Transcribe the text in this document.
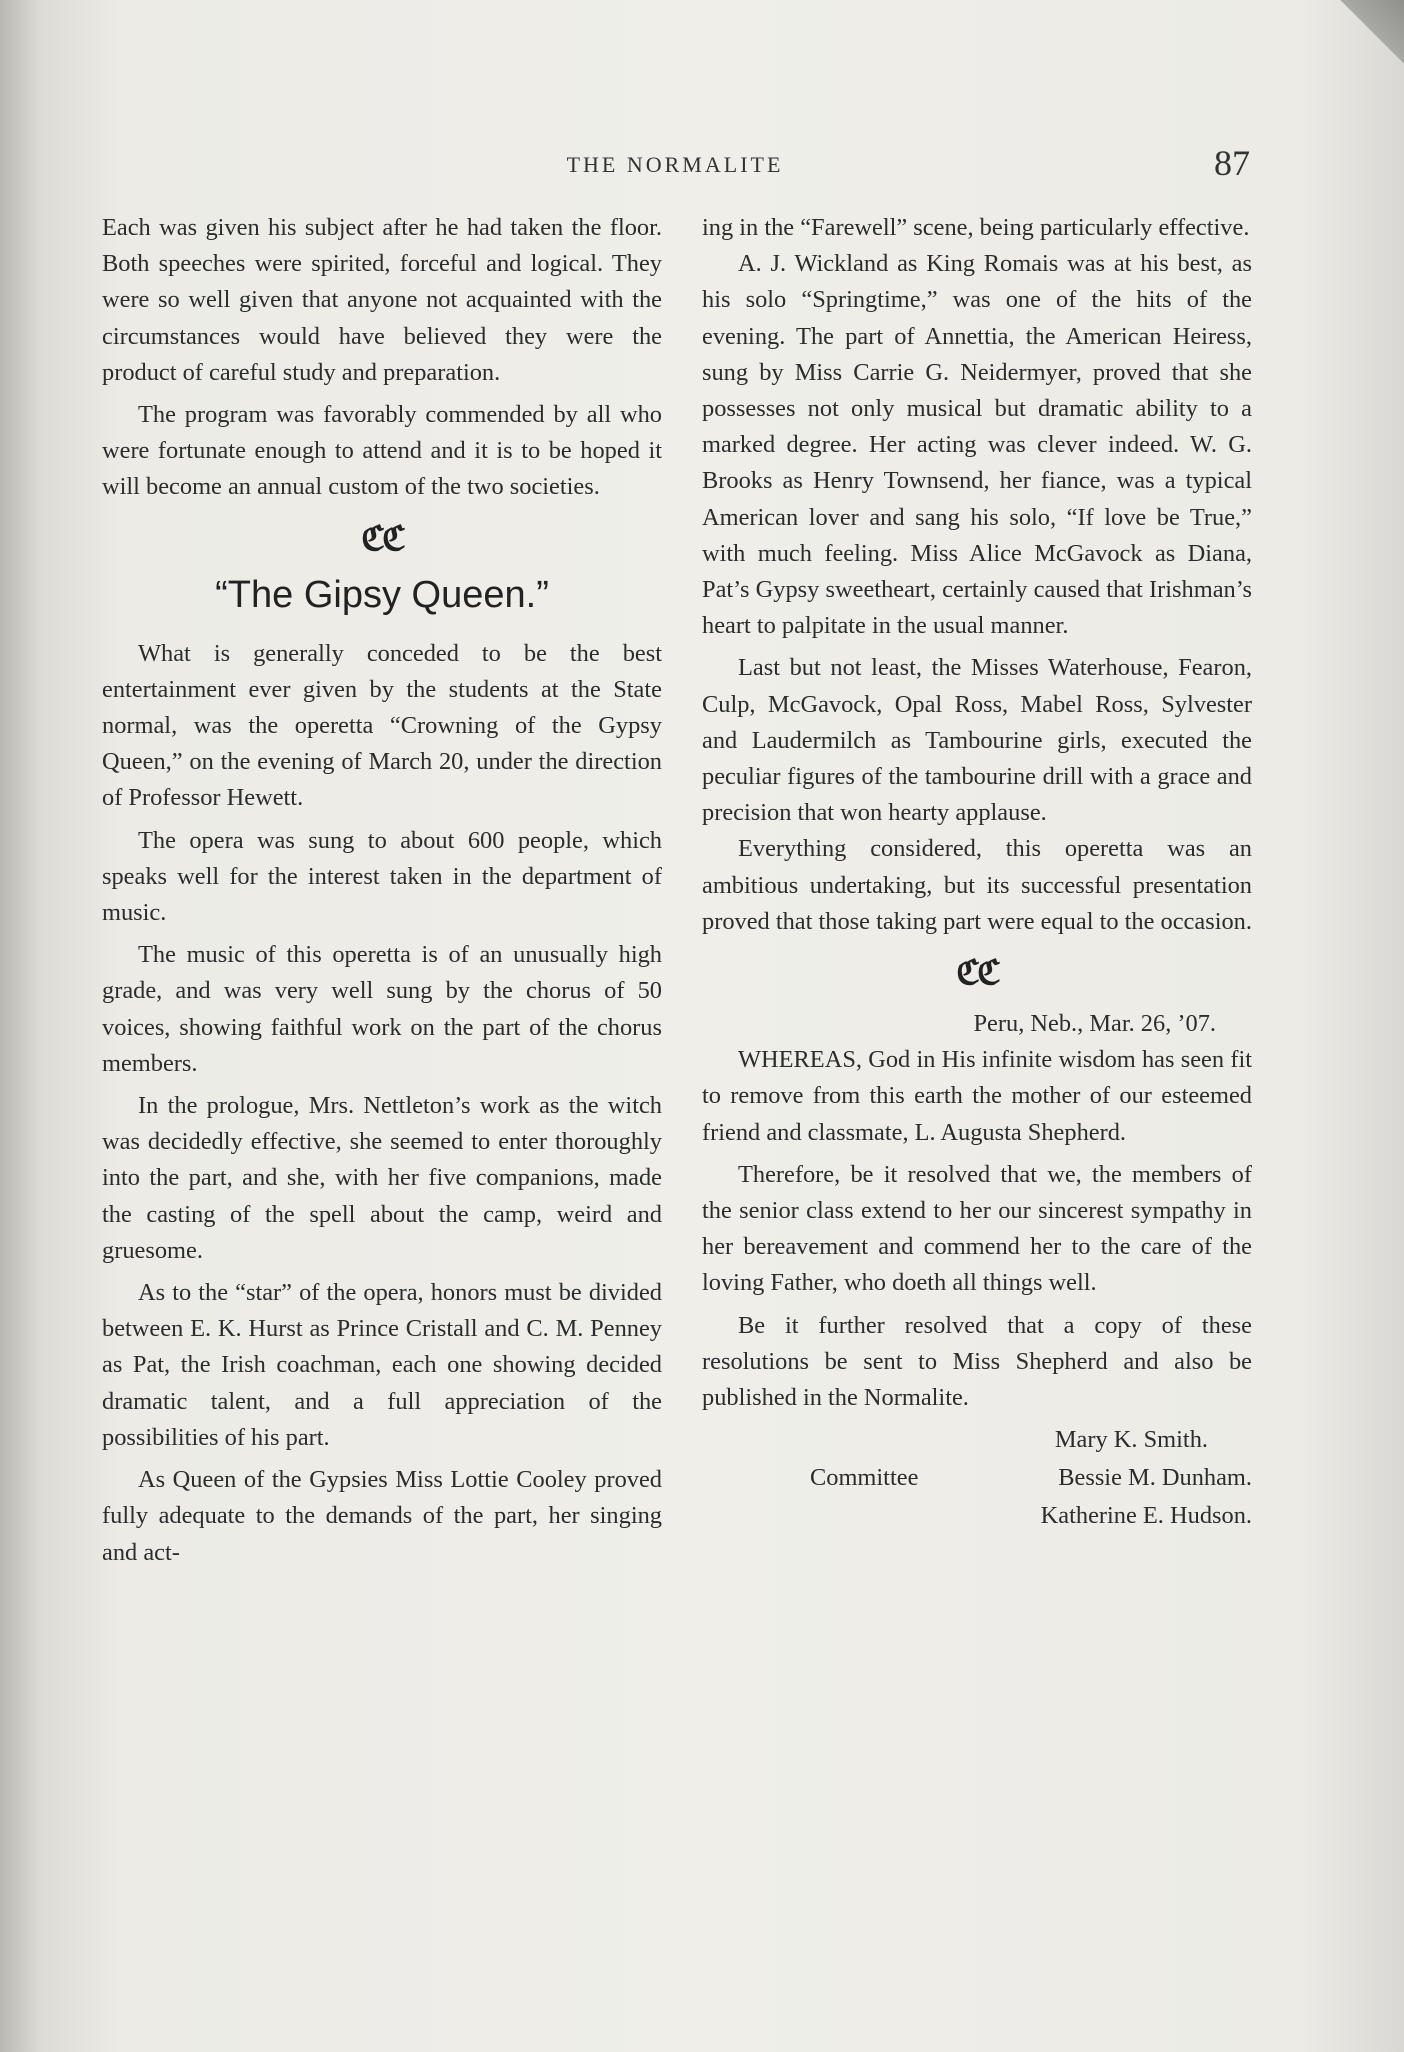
THE NORMALITE	87

Each was given his subject after he had taken the floor. Both speeches were spirited, forceful and logical. They were so well given that anyone not acquainted with the circumstances would have believed they were the product of careful study and preparation.

The program was favorably commended by all who were fortunate enough to attend and it is to be hoped it will become an annual custom of the two societies.

ℭℭ
“The Gipsy Queen.”

What is generally conceded to be the best entertainment ever given by the students at the State normal, was the operetta “Crowning of the Gypsy Queen,” on the evening of March 20, under the direction of Professor Hewett.

The opera was sung to about 600 people, which speaks well for the interest taken in the department of music.

The music of this operetta is of an unusually high grade, and was very well sung by the chorus of 50 voices, showing faithful work on the part of the chorus members.

In the prologue, Mrs. Nettleton’s work as the witch was decidedly effective, she seemed to enter thoroughly into the part, and she, with her five companions, made the casting of the spell about the camp, weird and gruesome.

As to the “star” of the opera, honors must be divided between E. K. Hurst as Prince Cristall and C. M. Penney as Pat, the Irish coachman, each one showing decided dramatic talent, and a full appreciation of the possibilities of his part.

As Queen of the Gypsies Miss Lottie Cooley proved fully adequate to the demands of the part, her singing and act-

ing in the “Farewell” scene, being particularly effective.

A. J. Wickland as King Romais was at his best, as his solo “Springtime,” was one of the hits of the evening. The part of Annettia, the American Heiress, sung by Miss Carrie G. Neidermyer, proved that she possesses not only musical but dramatic ability to a marked degree. Her acting was clever indeed. W. G. Brooks as Henry Townsend, her fiance, was a typical American lover and sang his solo, “If love be True,” with much feeling. Miss Alice McGavock as Diana, Pat’s Gypsy sweetheart, certainly caused that Irishman’s heart to palpitate in the usual manner.

Last but not least, the Misses Waterhouse, Fearon, Culp, McGavock, Opal Ross, Mabel Ross, Sylvester and Laudermilch as Tambourine girls, executed the peculiar figures of the tambourine drill with a grace and precision that won hearty applause.

Everything considered, this operetta was an ambitious undertaking, but its successful presentation proved that those taking part were equal to the occasion.

ℭℭ
Peru, Neb., Mar. 26, ’07.

WHEREAS, God in His infinite wisdom has seen fit to remove from this earth the mother of our esteemed friend and classmate, L. Augusta Shepherd.

Therefore, be it resolved that we, the members of the senior class extend to her our sincerest sympathy in her bereavement and commend her to the care of the loving Father, who doeth all things well.

Be it further resolved that a copy of these resolutions be sent to Miss Shepherd and also be published in the Normalite.

Mary K. Smith.
Committee	Bessie M. Dunham.
Katherine E. Hudson.
